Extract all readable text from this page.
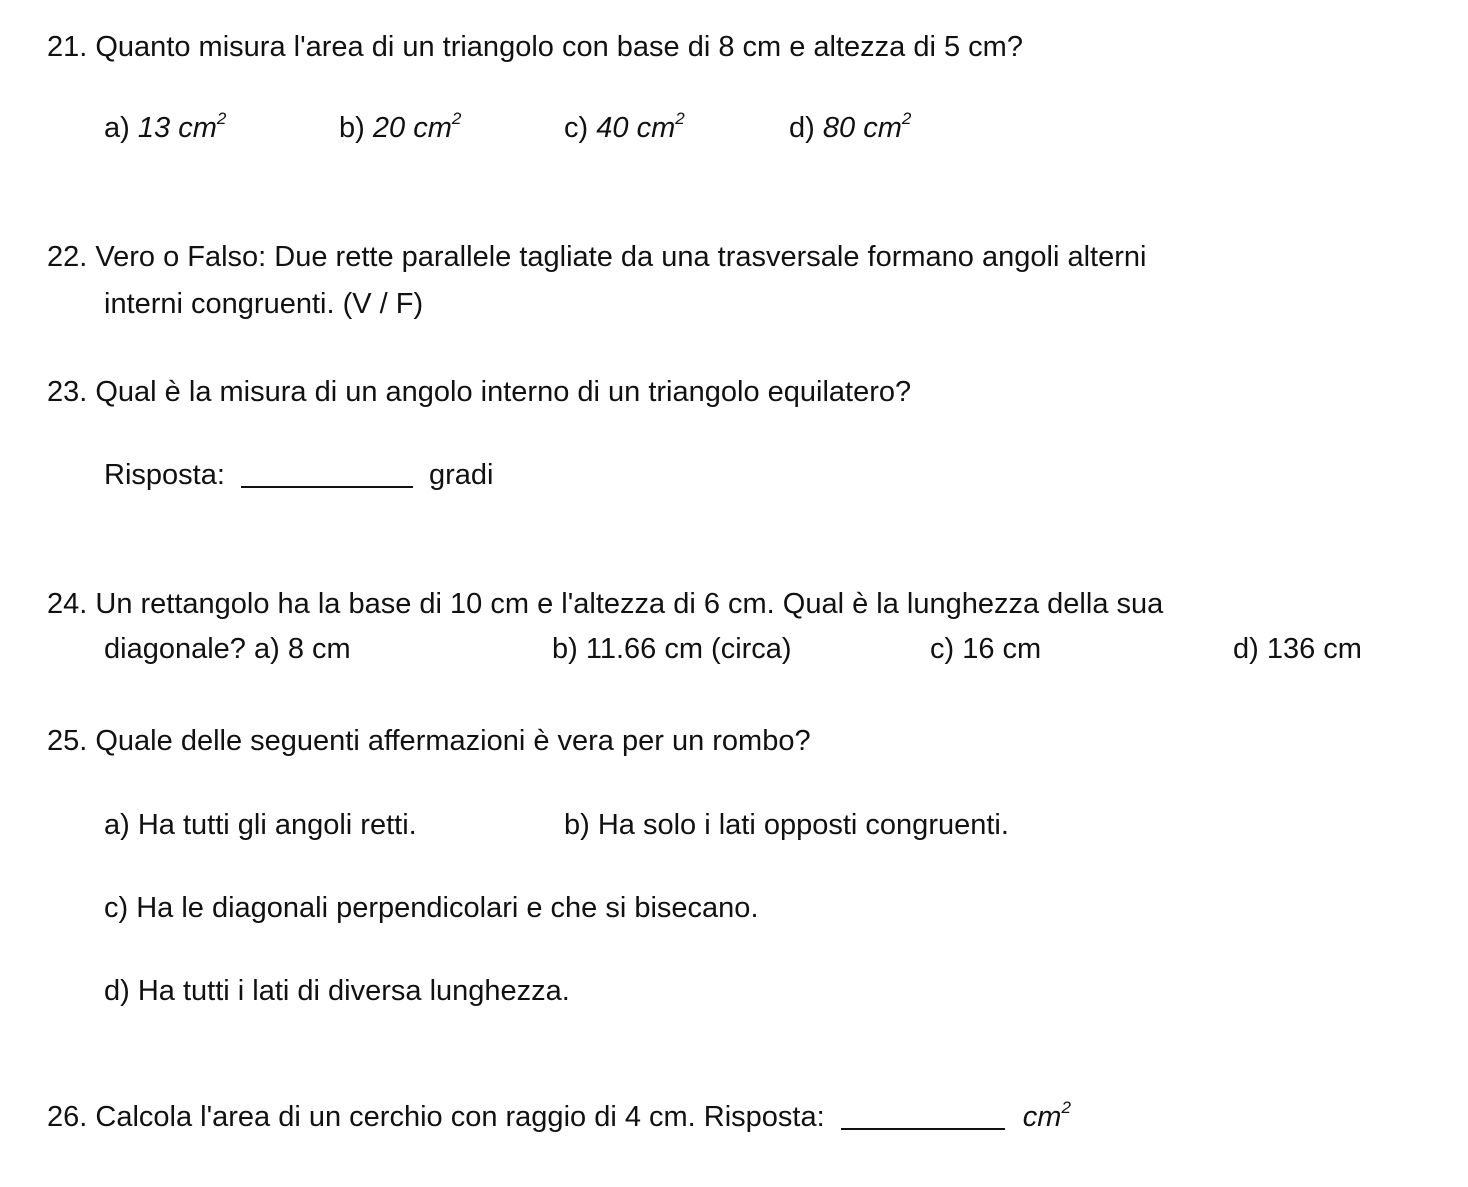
21. Quanto misura l'area di un triangolo con base di 8 cm e altezza di 5 cm?
a) 13 $cm^2$	b) 20 $cm^2$	c) 40 $cm^2$	d) 80 $cm^2$
22. Vero o Falso: Due rette parallele tagliate da una trasversale formano angoli alterni
interni congruenti. (V / F)
23. Qual è la misura di un angolo interno di un triangolo equilatero?
Risposta:	gradi
24. Un rettangolo ha la base di 10 cm e l'altezza di 6 cm. Qual è la lunghezza della sua
diagonale? a) 8 cm	b) 11.66 cm (circa)	c) 16 cm	d) 136 cm
25. Quale delle seguenti affermazioni è vera per un rombo?
a) Ha tutti gli angoli retti.	b) Ha solo i lati opposti congruenti.
c) Ha le diagonali perpendicolari e che si bisecano.
d) Ha tutti i lati di diversa lunghezza.
26. Calcola l'area di un cerchio con raggio di 4 cm. Risposta:	$cm^2$
